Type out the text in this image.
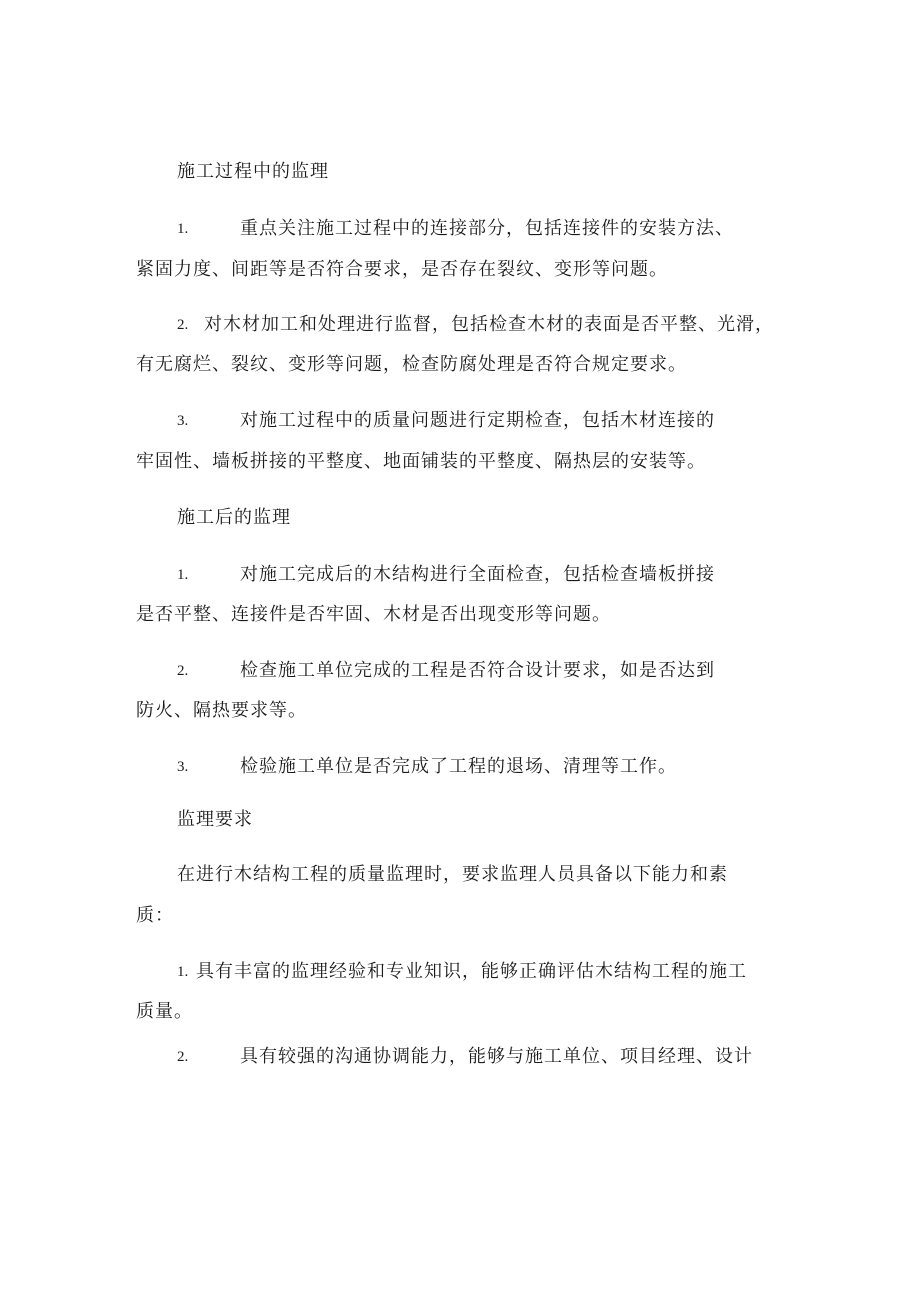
施工过程中的监理
1.	重点关注施工过程中的连接部分，包括连接件的安装方法、
紧固力度、间距等是否符合要求，是否存在裂纹、变形等问题。
2. 对木材加工和处理进行监督，包括检查木材的表面是否平整、光滑，
有无腐烂、裂纹、变形等问题，检查防腐处理是否符合规定要求。
3.	对施工过程中的质量问题进行定期检查，包括木材连接的
牢固性、墙板拼接的平整度、地面铺装的平整度、隔热层的安装等。
施工后的监理
1.	对施工完成后的木结构进行全面检查，包括检查墙板拼接
是否平整、连接件是否牢固、木材是否出现变形等问题。
2.	检查施工单位完成的工程是否符合设计要求，如是否达到
防火、隔热要求等。
3.	检验施工单位是否完成了工程的退场、清理等工作。
监理要求
在进行木结构工程的质量监理时，要求监理人员具备以下能力和素
质：
1. 具有丰富的监理经验和专业知识，能够正确评估木结构工程的施工
质量。
2.	具有较强的沟通协调能力，能够与施工单位、项目经理、设计
